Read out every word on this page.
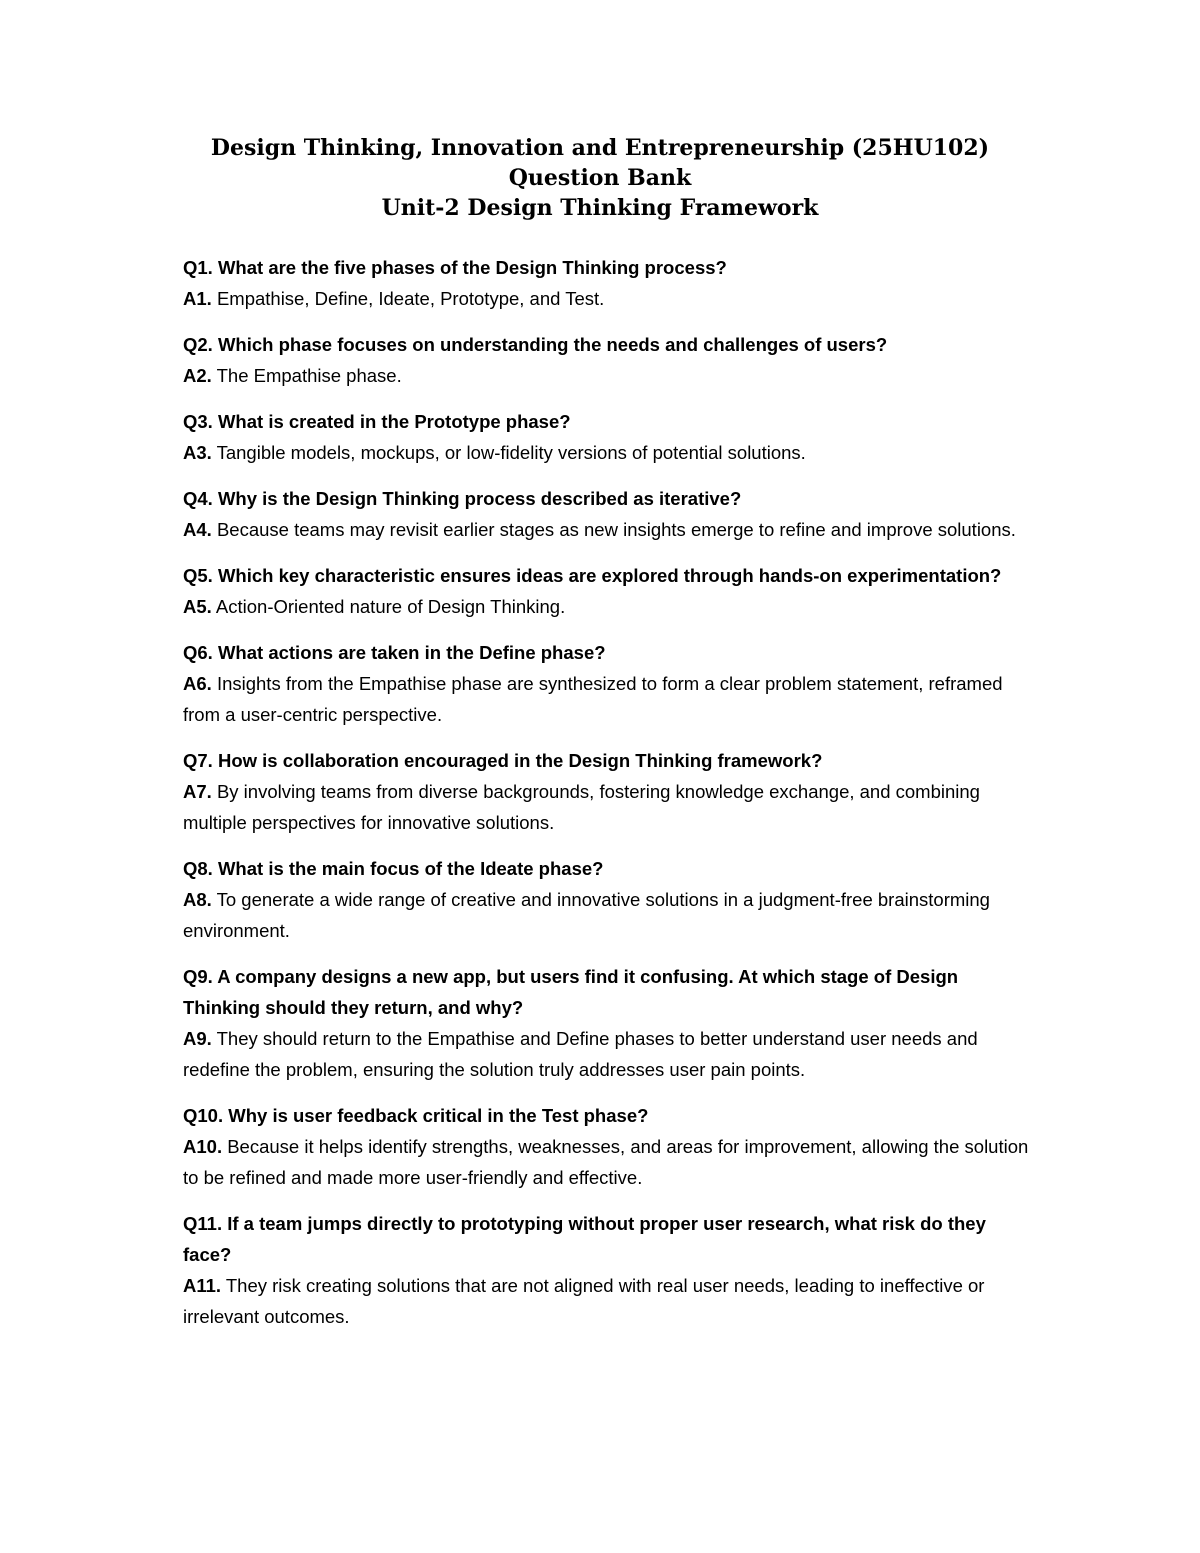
Design Thinking, Innovation and Entrepreneurship (25HU102)
Question Bank
Unit-2 Design Thinking Framework

Q1. What are the five phases of the Design Thinking process?

A1. Empathise, Define, Ideate, Prototype, and Test.

Q2. Which phase focuses on understanding the needs and challenges of users?

A2. The Empathise phase.

Q3. What is created in the Prototype phase?

A3. Tangible models, mockups, or low-fidelity versions of potential solutions.

Q4. Why is the Design Thinking process described as iterative?

A4. Because teams may revisit earlier stages as new insights emerge to refine and improve solutions.

Q5. Which key characteristic ensures ideas are explored through hands-on experimentation?

A5. Action-Oriented nature of Design Thinking.

Q6. What actions are taken in the Define phase?

A6. Insights from the Empathise phase are synthesized to form a clear problem statement, reframed from a user-centric perspective.

Q7. How is collaboration encouraged in the Design Thinking framework?

A7. By involving teams from diverse backgrounds, fostering knowledge exchange, and combining multiple perspectives for innovative solutions.

Q8. What is the main focus of the Ideate phase?

A8. To generate a wide range of creative and innovative solutions in a judgment-free brainstorming environment.

Q9. A company designs a new app, but users find it confusing. At which stage of Design Thinking should they return, and why?

A9. They should return to the Empathise and Define phases to better understand user needs and redefine the problem, ensuring the solution truly addresses user pain points.

Q10. Why is user feedback critical in the Test phase?

A10. Because it helps identify strengths, weaknesses, and areas for improvement, allowing the solution to be refined and made more user-friendly and effective.

Q11. If a team jumps directly to prototyping without proper user research, what risk do they face?

A11. They risk creating solutions that are not aligned with real user needs, leading to ineffective or irrelevant outcomes.
